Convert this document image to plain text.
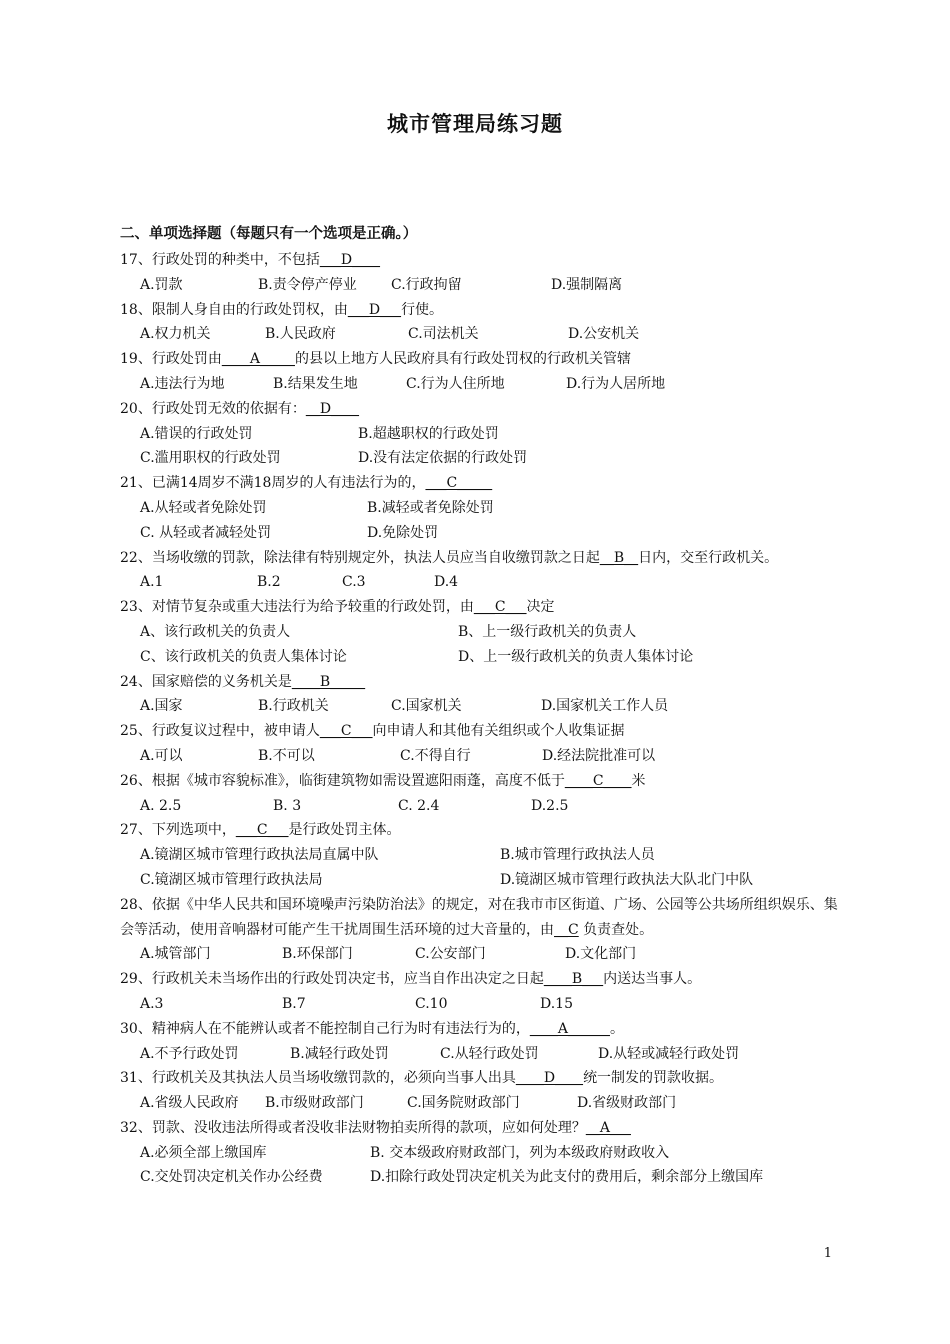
城市管理局练习题
二、单项选择题（每题只有一个选项是正确。）
17、行政处罚的种类中，不包括___D____
A.罚款	B.责令停产停业 C.行政拘留	D.强制隔离
18、限制人身自由的行政处罚权，由___D___行使。
A.权力机关	B.人民政府	C.司法机关	D.公安机关
19、行政处罚由____A_____的县以上地方人民政府具有行政处罚权的行政机关管辖
A.违法行为地	B.结果发生地	C.行为人住所地	D.行为人居所地
20、行政处罚无效的依据有：__D____
A.错误的行政处罚	B.超越职权的行政处罚
C.滥用职权的行政处罚	D.没有法定依据的行政处罚
21、已满14周岁不满18周岁的人有违法行为的，___C_____
A.从轻或者免除处罚	B.减轻或者免除处罚
C. 从轻或者减轻处罚	D.免除处罚
22、当场收缴的罚款，除法律有特别规定外，执法人员应当自收缴罚款之日起__B__日内，交至行政机关。
A.1	B.2	C.3	D.4
23、对情节复杂或重大违法行为给予较重的行政处罚，由___C___决定
A、该行政机关的负责人	B、上一级行政机关的负责人
C、该行政机关的负责人集体讨论	D、上一级行政机关的负责人集体讨论
24、国家赔偿的义务机关是____B_____
A.国家	B.行政机关	C.国家机关	D.国家机关工作人员
25、行政复议过程中，被申请人___C___向申请人和其他有关组织或个人收集证据
A.可以	B.不可以	C.不得自行	D.经法院批准可以
26、根据《城市容貌标准》，临街建筑物如需设置遮阳雨蓬，高度不低于____C____米
A. 2.5	B. 3	C. 2.4	D.2.5
27、下列选项中，___C___是行政处罚主体。
A.镜湖区城市管理行政执法局直属中队	B.城市管理行政执法人员
C.镜湖区城市管理行政执法局	D.镜湖区城市管理行政执法大队北门中队
28、依据《中华人民共和国环境噪声污染防治法》的规定，对在我市市区街道、广场、公园等公共场所组织娱乐、集会等活动，使用音响器材可能产生干扰周围生活环境的过大音量的，由__C 负责查处。
A.城管部门	B.环保部门	C.公安部门	D.文化部门
29、行政机关未当场作出的行政处罚决定书，应当自作出决定之日起____B___内送达当事人。
A.3	B.7	C.10	D.15
30、精神病人在不能辨认或者不能控制自己行为时有违法行为的，____A______。
A.不予行政处罚	B.减轻行政处罚	C.从轻行政处罚	D.从轻或减轻行政处罚
31、行政机关及其执法人员当场收缴罚款的，必须向当事人出具____D____统一制发的罚款收据。
A.省级人民政府 B.市级财政部门	C.国务院财政部门	D.省级财政部门
32、罚款、没收违法所得或者没收非法财物拍卖所得的款项，应如何处理？__A___
A.必须全部上缴国库	B. 交本级政府财政部门，列为本级政府财政收入
C.交处罚决定机关作办公经费	D.扣除行政处罚决定机关为此支付的费用后，剩余部分上缴国库
1
